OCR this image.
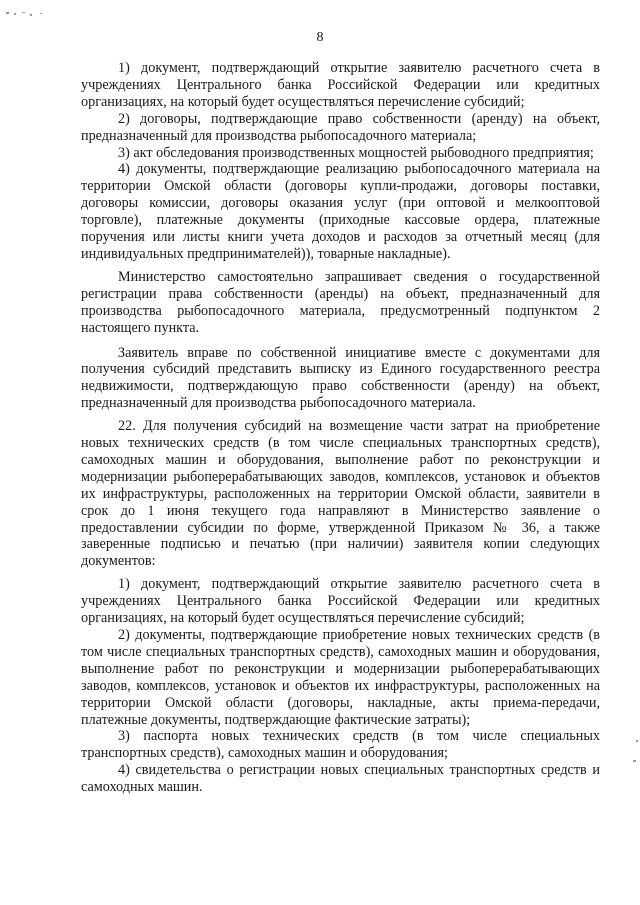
8

1) документ, подтверждающий открытие заявителю расчетного счета в учреждениях Центрального банка Российской Федерации или кредитных организациях, на который будет осуществляться перечисление субсидий;

2) договоры, подтверждающие право собственности (аренду) на объект, предназначенный для производства рыбопосадочного материала;

3) акт обследования производственных мощностей рыбоводного предприятия;

4) документы, подтверждающие реализацию рыбопосадочного материала на территории Омской области (договоры купли-продажи, договоры поставки, договоры комиссии, договоры оказания услуг (при оптовой и мелкооптовой торговле), платежные документы (приходные кассовые ордера, платежные поручения или листы книги учета доходов и расходов за отчетный месяц (для индивидуальных предпринимателей)), товарные накладные).

Министерство самостоятельно запрашивает сведения о государственной регистрации права собственности (аренды) на объект, предназначенный для производства рыбопосадочного материала, предусмотренный подпунктом 2 настоящего пункта.

Заявитель вправе по собственной инициативе вместе с документами для получения субсидий представить выписку из Единого государственного реестра недвижимости, подтверждающую право собственности (аренду) на объект, предназначенный для производства рыбопосадочного материала.

22. Для получения субсидий на возмещение части затрат на приобретение новых технических средств (в том числе специальных транспортных средств), самоходных машин и оборудования, выполнение работ по реконструкции и модернизации рыбоперерабатывающих заводов, комплексов, установок и объектов их инфраструктуры, расположенных на территории Омской области, заявители в срок до 1 июня текущего года направляют в Министерство заявление о предоставлении субсидии по форме, утвержденной Приказом № 36, а также заверенные подписью и печатью (при наличии) заявителя копии следующих документов:

1) документ, подтверждающий открытие заявителю расчетного счета в учреждениях Центрального банка Российской Федерации или кредитных организациях, на который будет осуществляться перечисление субсидий;

2) документы, подтверждающие приобретение новых технических средств (в том числе специальных транспортных средств), самоходных машин и оборудования, выполнение работ по реконструкции и модернизации рыбоперерабатывающих заводов, комплексов, установок и объектов их инфраструктуры, расположенных на территории Омской области (договоры, накладные, акты приема-передачи, платежные документы, подтверждающие фактические затраты);

3) паспорта новых технических средств (в том числе специальных транспортных средств), самоходных машин и оборудования;

4) свидетельства о регистрации новых специальных транспортных средств и самоходных машин.
